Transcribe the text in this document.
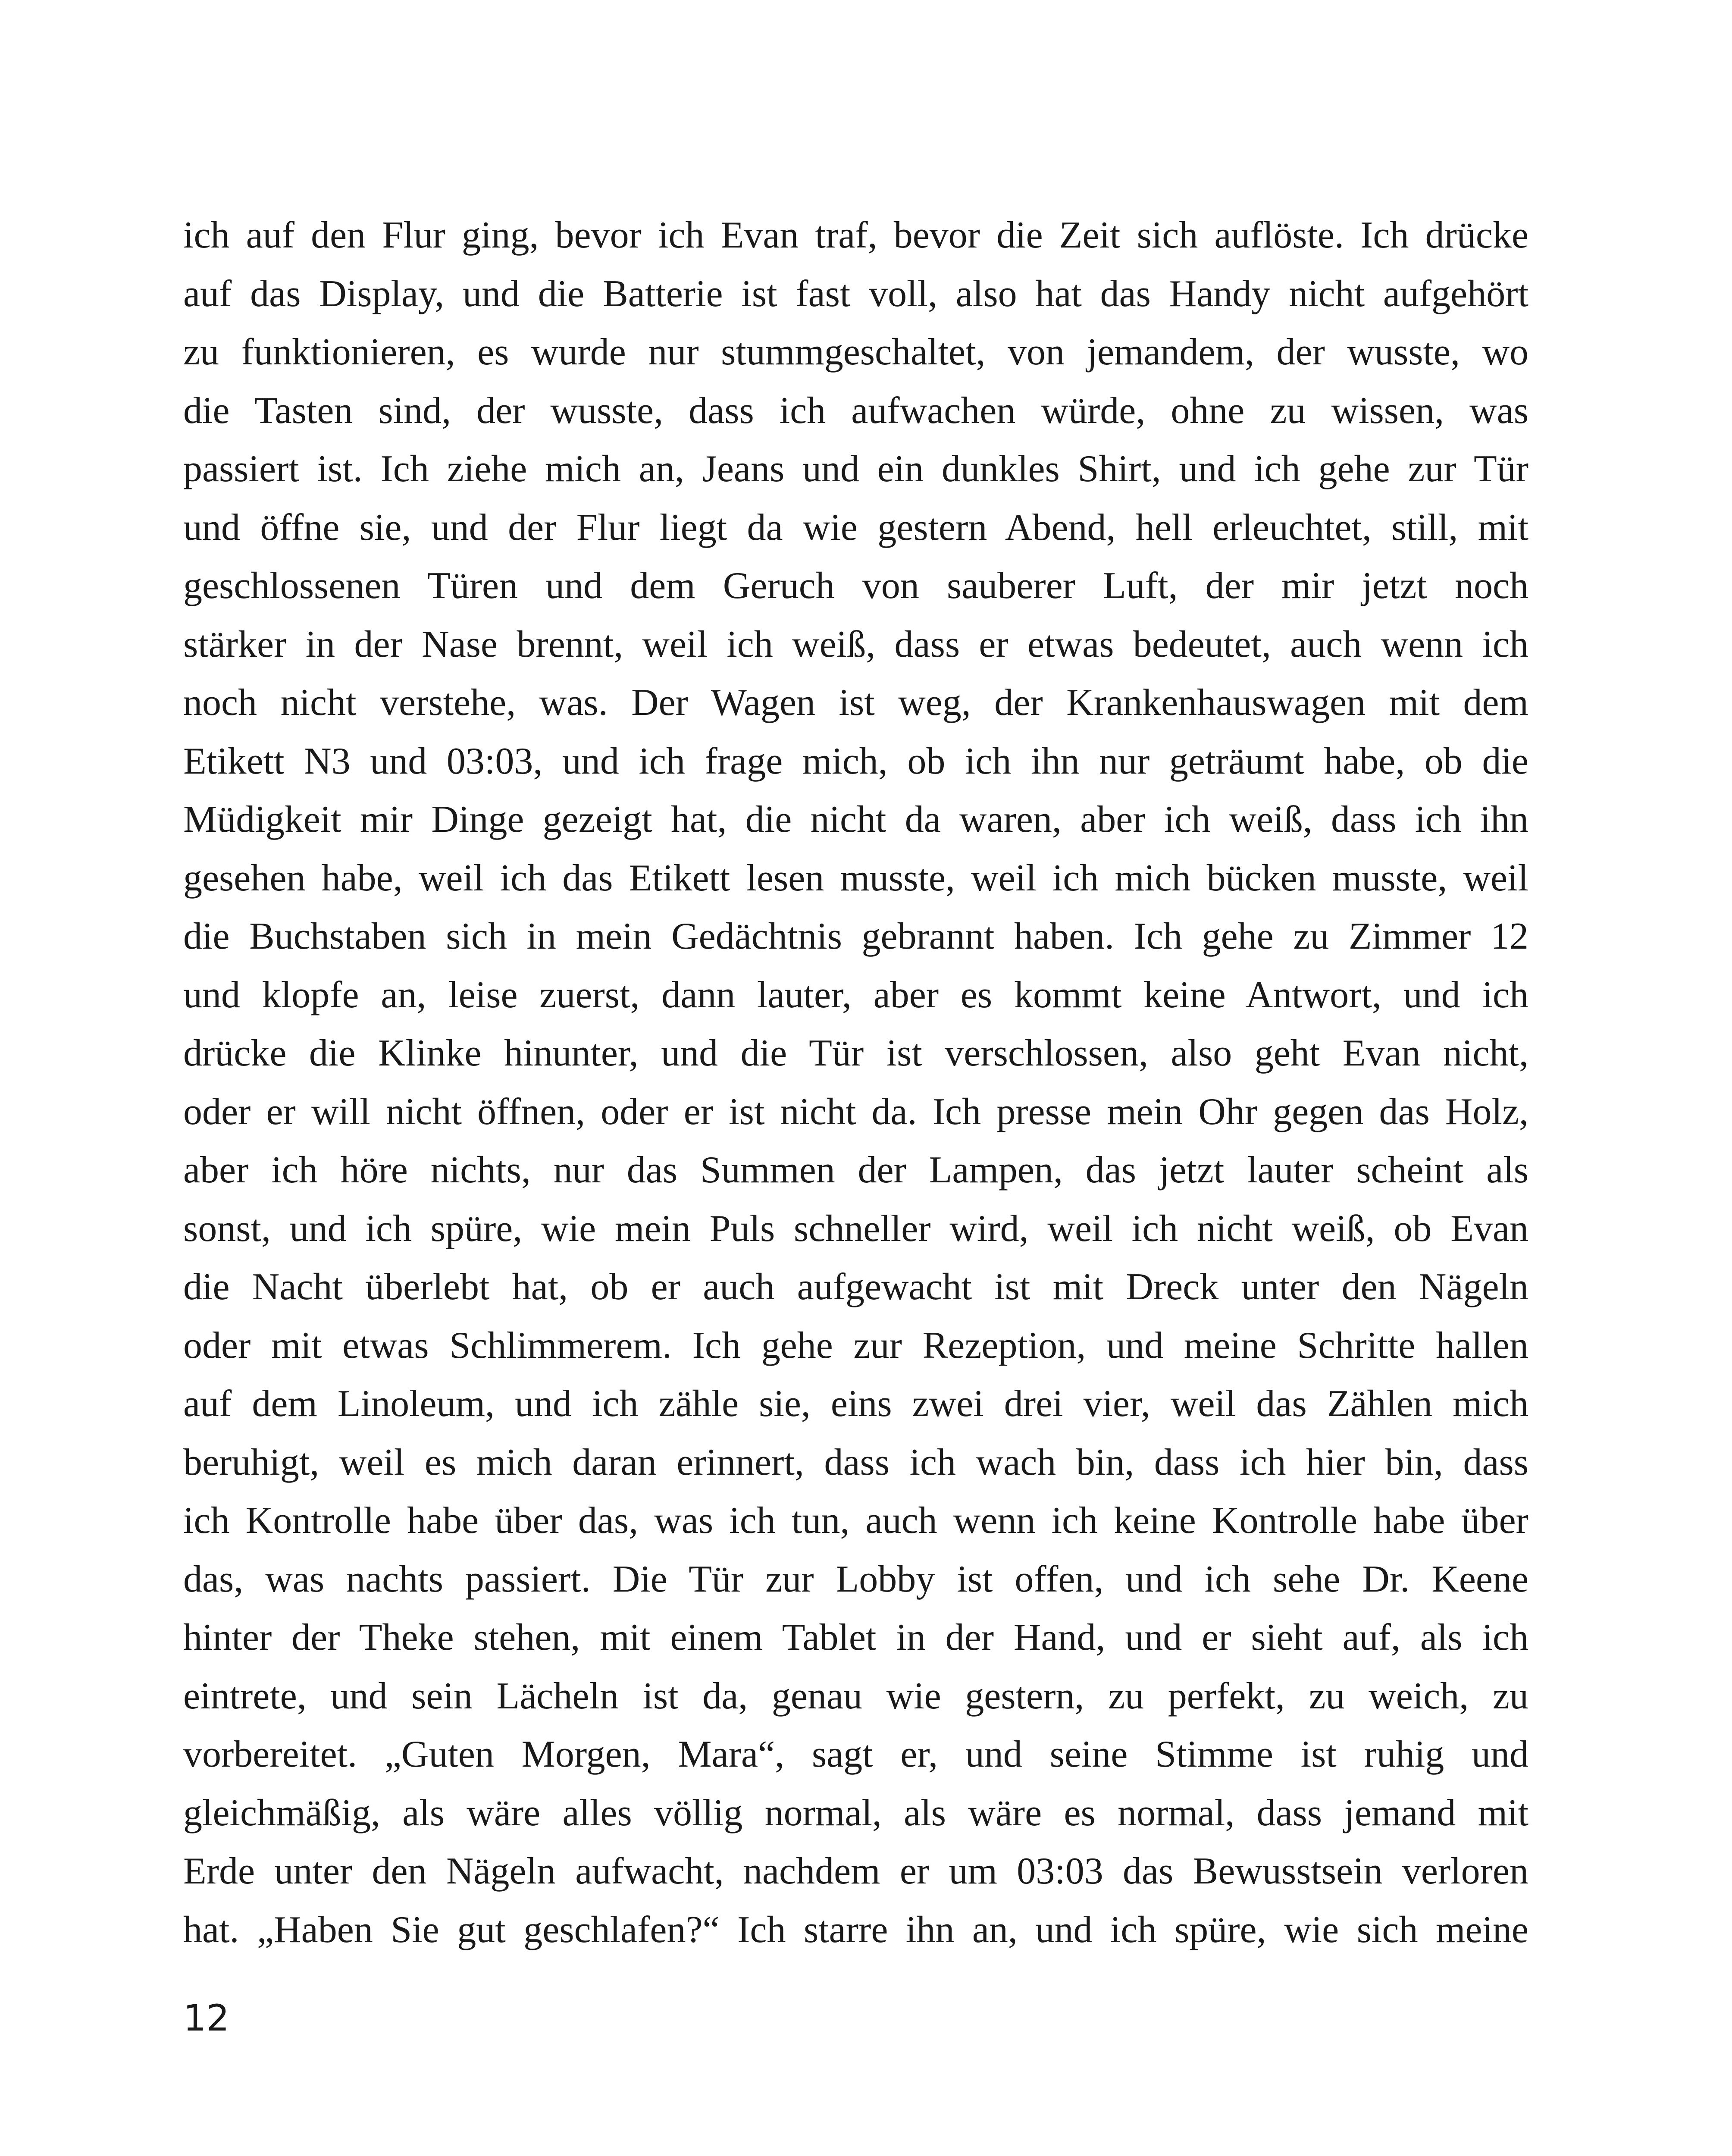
ich auf den Flur ging, bevor ich Evan traf, bevor die Zeit sich auflöste. Ich drücke
auf das Display, und die Batterie ist fast voll, also hat das Handy nicht aufgehört
zu funktionieren, es wurde nur stummgeschaltet, von jemandem, der wusste, wo
die Tasten sind, der wusste, dass ich aufwachen würde, ohne zu wissen, was
passiert ist. Ich ziehe mich an, Jeans und ein dunkles Shirt, und ich gehe zur Tür
und öffne sie, und der Flur liegt da wie gestern Abend, hell erleuchtet, still, mit
geschlossenen Türen und dem Geruch von sauberer Luft, der mir jetzt noch
stärker in der Nase brennt, weil ich weiß, dass er etwas bedeutet, auch wenn ich
noch nicht verstehe, was. Der Wagen ist weg, der Krankenhauswagen mit dem
Etikett N3 und 03:03, und ich frage mich, ob ich ihn nur geträumt habe, ob die
Müdigkeit mir Dinge gezeigt hat, die nicht da waren, aber ich weiß, dass ich ihn
gesehen habe, weil ich das Etikett lesen musste, weil ich mich bücken musste, weil
die Buchstaben sich in mein Gedächtnis gebrannt haben. Ich gehe zu Zimmer 12
und klopfe an, leise zuerst, dann lauter, aber es kommt keine Antwort, und ich
drücke die Klinke hinunter, und die Tür ist verschlossen, also geht Evan nicht,
oder er will nicht öffnen, oder er ist nicht da. Ich presse mein Ohr gegen das Holz,
aber ich höre nichts, nur das Summen der Lampen, das jetzt lauter scheint als
sonst, und ich spüre, wie mein Puls schneller wird, weil ich nicht weiß, ob Evan
die Nacht überlebt hat, ob er auch aufgewacht ist mit Dreck unter den Nägeln
oder mit etwas Schlimmerem. Ich gehe zur Rezeption, und meine Schritte hallen
auf dem Linoleum, und ich zähle sie, eins zwei drei vier, weil das Zählen mich
beruhigt, weil es mich daran erinnert, dass ich wach bin, dass ich hier bin, dass
ich Kontrolle habe über das, was ich tun, auch wenn ich keine Kontrolle habe über
das, was nachts passiert. Die Tür zur Lobby ist offen, und ich sehe Dr. Keene
hinter der Theke stehen, mit einem Tablet in der Hand, und er sieht auf, als ich
eintrete, und sein Lächeln ist da, genau wie gestern, zu perfekt, zu weich, zu
vorbereitet. „Guten Morgen, Mara“, sagt er, und seine Stimme ist ruhig und
gleichmäßig, als wäre alles völlig normal, als wäre es normal, dass jemand mit
Erde unter den Nägeln aufwacht, nachdem er um 03:03 das Bewusstsein verloren
hat. „Haben Sie gut geschlafen?“ Ich starre ihn an, und ich spüre, wie sich meine
12
